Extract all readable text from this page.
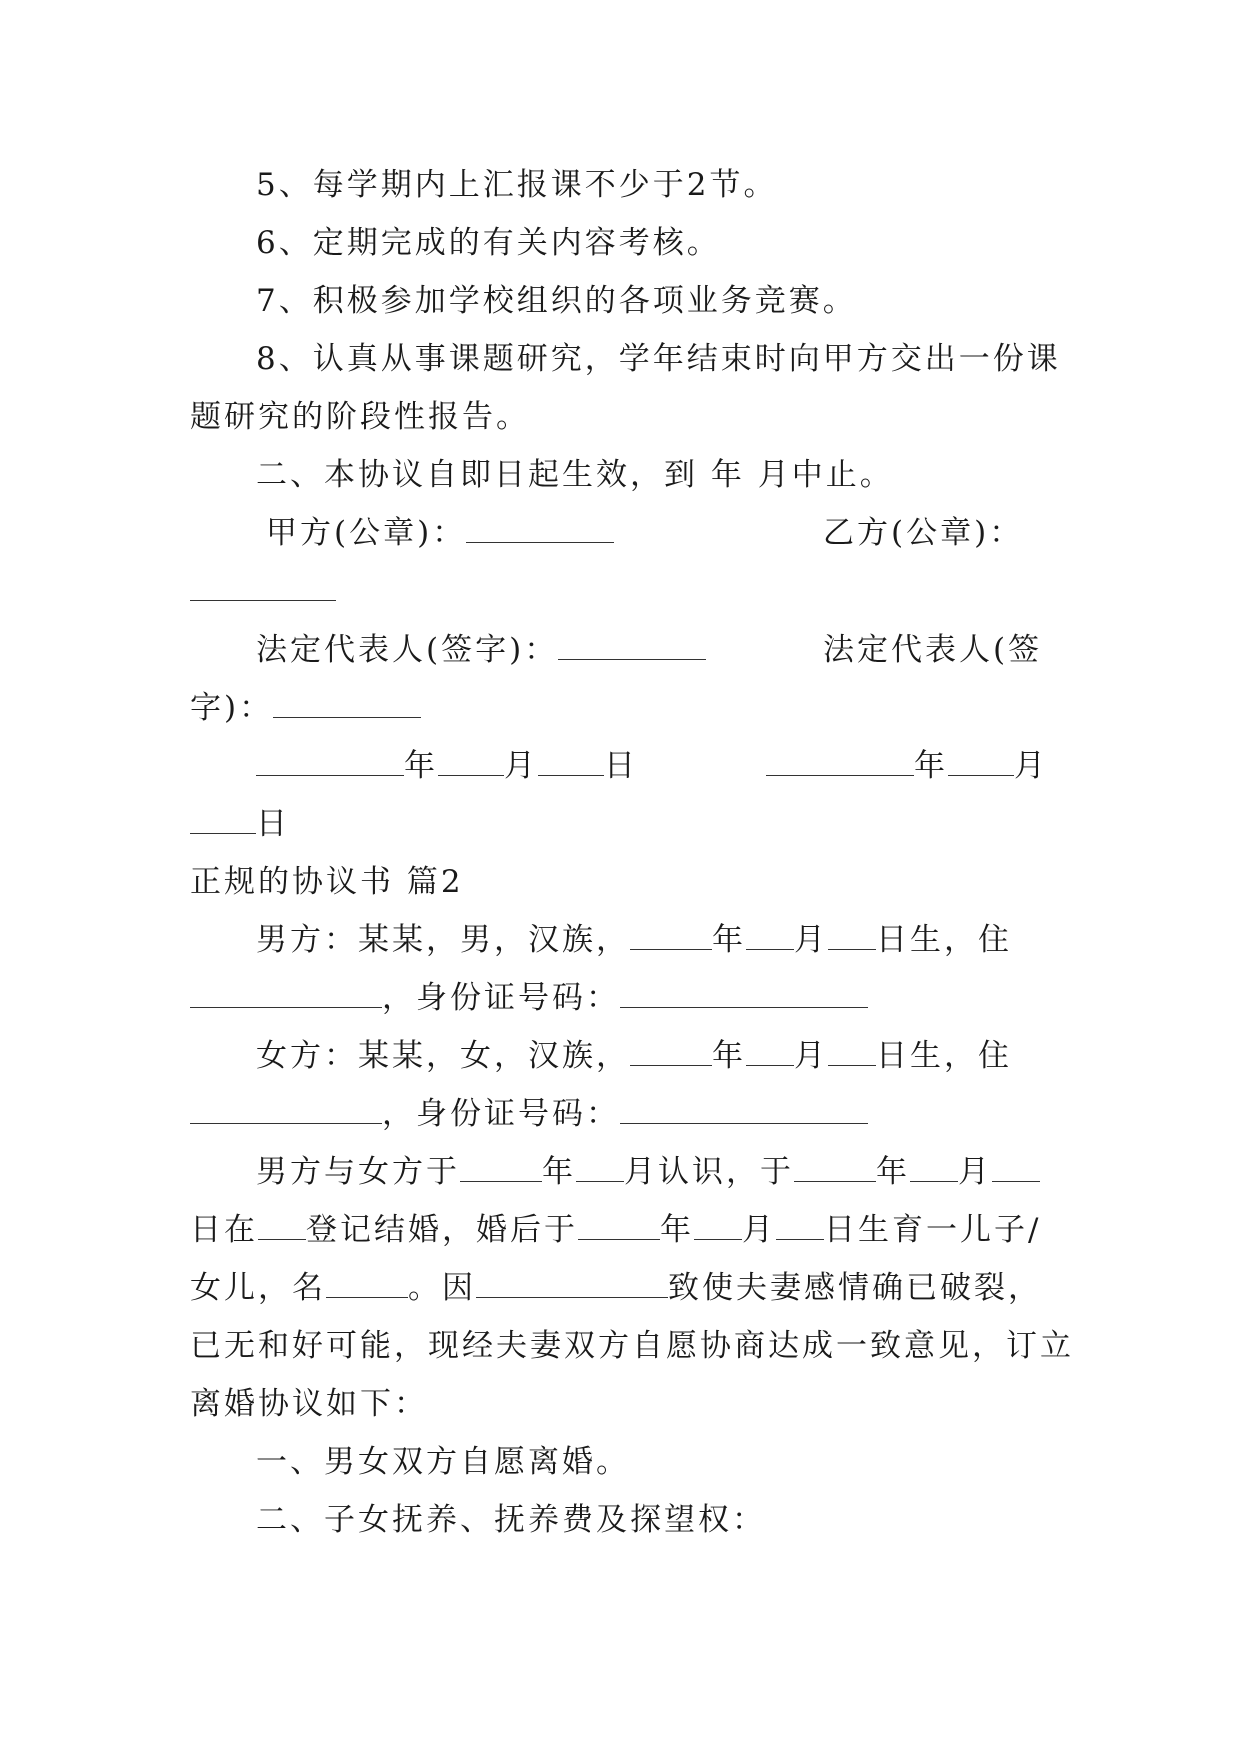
5、每学期内上汇报课不少于2节。
6、定期完成的有关内容考核。
7、积极参加学校组织的各项业务竞赛。
8、认真从事课题研究，学年结束时向甲方交出一份课
题研究的阶段性报告。
二、本协议自即日起生效，到 年 月中止。
甲方(公章)：	乙方(公章)：
法定代表人(签字)：	法定代表人(签
字)：
年 月 日	年 月
日
正规的协议书 篇2
男方：某某，男，汉族，	年 月 日生，住
，身份证号码：
女方：某某，女，汉族，	年 月 日生，住
，身份证号码：
男方与女方于	年 月认识，于	年 月
日在 登记结婚，婚后于	年 月 日生育一儿子/
女儿，名	。因	致使夫妻感情确已破裂，
已无和好可能，现经夫妻双方自愿协商达成一致意见，订立
离婚协议如下：
一、男女双方自愿离婚。
二、子女抚养、抚养费及探望权：
